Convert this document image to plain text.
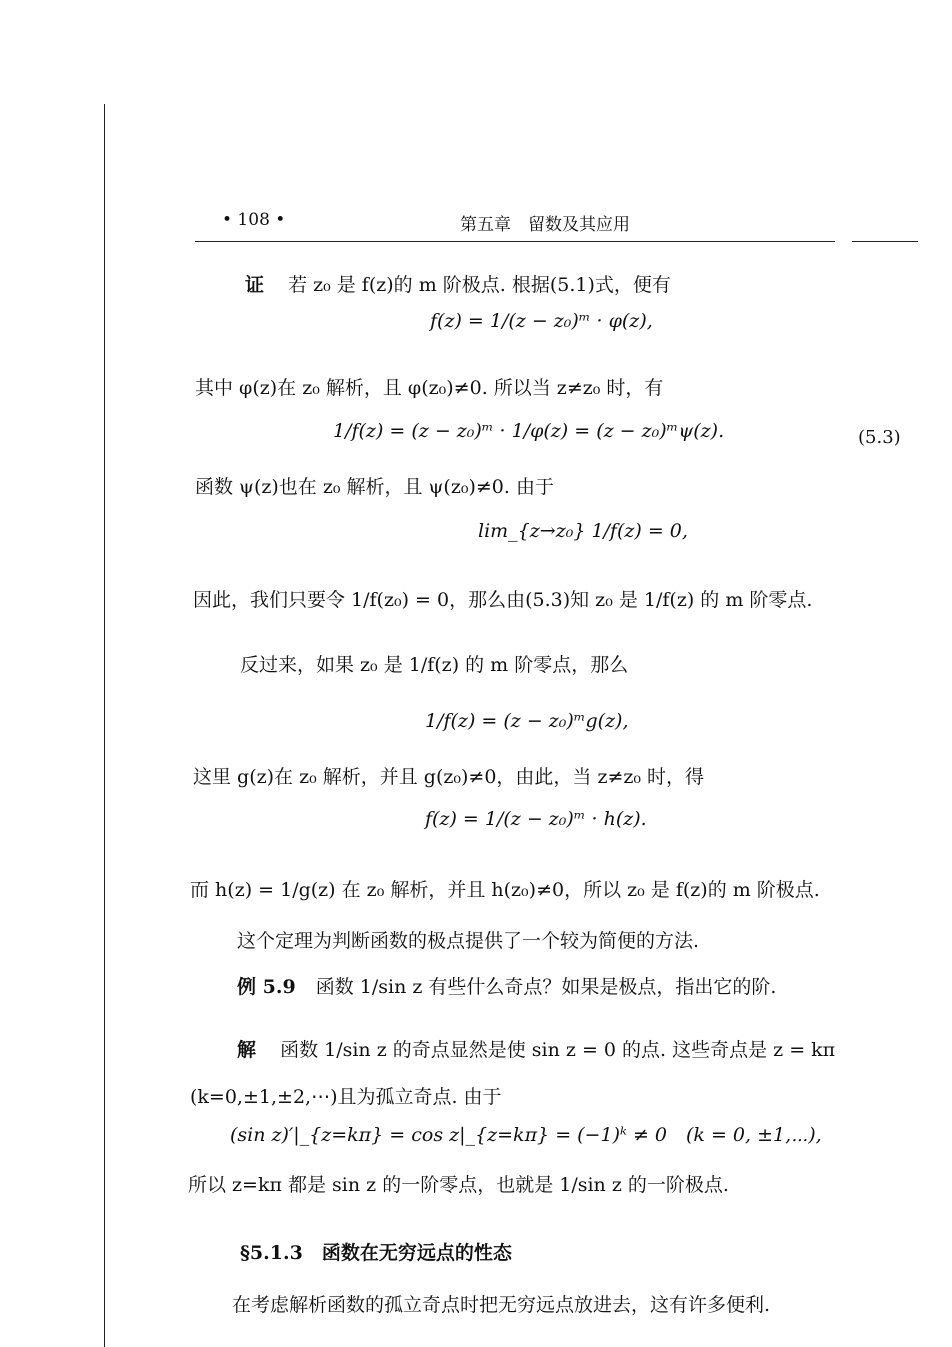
• 108 •	第五章　留数及其应用
证 若 z₀ 是 f(z)的 m 阶极点. 根据(5.1)式，便有
f(z) = 1/(z − z₀)ᵐ · φ(z),
其中 φ(z)在 z₀ 解析，且 φ(z₀)≠0. 所以当 z≠z₀ 时，有
1/f(z) = (z − z₀)ᵐ · 1/φ(z) = (z − z₀)ᵐψ(z).	(5.3)
函数 ψ(z)也在 z₀ 解析，且 ψ(z₀)≠0. 由于
lim_{z→z₀} 1/f(z) = 0,
因此，我们只要令 1/f(z₀) = 0，那么由(5.3)知 z₀ 是 1/f(z) 的 m 阶零点.
反过来，如果 z₀ 是 1/f(z) 的 m 阶零点，那么
1/f(z) = (z − z₀)ᵐg(z),
这里 g(z)在 z₀ 解析，并且 g(z₀)≠0，由此，当 z≠z₀ 时，得
f(z) = 1/(z − z₀)ᵐ · h(z).
而 h(z) = 1/g(z) 在 z₀ 解析，并且 h(z₀)≠0，所以 z₀ 是 f(z)的 m 阶极点.
这个定理为判断函数的极点提供了一个较为简便的方法.
例 5.9 函数 1/sin z 有些什么奇点？如果是极点，指出它的阶.
解 函数 1/sin z 的奇点显然是使 sin z = 0 的点. 这些奇点是 z = kπ
(k=0,±1,±2,⋯)且为孤立奇点. 由于
(sin z)′|_{z=kπ} = cos z|_{z=kπ} = (−1)ᵏ ≠ 0　(k = 0, ±1,⋯),
所以 z=kπ 都是 sin z 的一阶零点，也就是 1/sin z 的一阶极点.
§5.1.3　函数在无穷远点的性态
在考虑解析函数的孤立奇点时把无穷远点放进去，这有许多便利.
